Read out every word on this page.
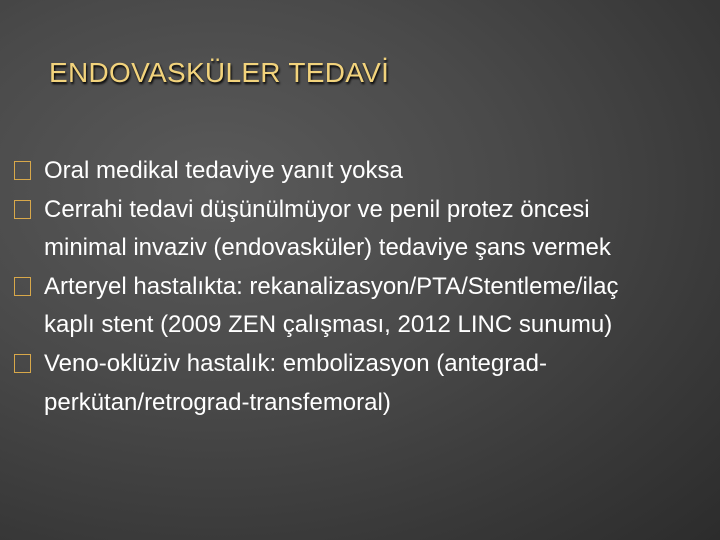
ENDOVASKÜLER TEDAVİ
Oral medikal tedaviye yanıt yoksa
Cerrahi tedavi düşünülmüyor ve penil protez öncesi minimal invaziv (endovasküler) tedaviye şans vermek
Arteryel hastalıkta: rekanalizasyon/PTA/Stentleme/ilaç kaplı stent (2009 ZEN çalışması, 2012 LINC sunumu)
Veno-oklüziv hastalık: embolizasyon (antegrad-perkütan/retrograd-transfemoral)
